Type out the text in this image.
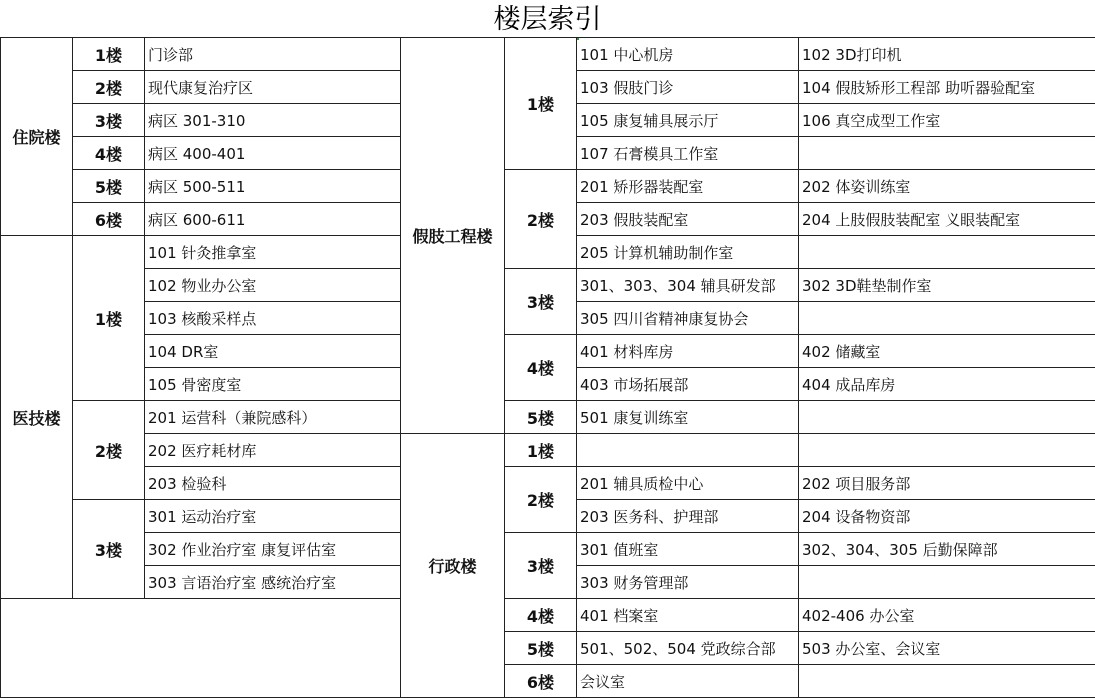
楼层索引
住院楼	1楼	门诊部	假肢工程楼	1楼	101 中心机房	102 3D打印机
	2楼	现代康复治疗区			103 假肢门诊	104 假肢矫形工程部 助听器验配室
	3楼	病区 301-310			105 康复辅具展示厅	106 真空成型工作室
	4楼	病区 400-401			107 石膏模具工作室	
	5楼	病区 500-511		2楼	201 矫形器装配室	202 体姿训练室
	6楼	病区 600-611			203 假肢装配室	204 上肢假肢装配室 义眼装配室
医技楼	1楼	101 针灸推拿室			205 计算机辅助制作室	
		102 物业办公室		3楼	301、303、304 辅具研发部	302 3D鞋垫制作室
		103 核酸采样点			305 四川省精神康复协会	
		104 DR室		4楼	401 材料库房	402 储藏室
		105 骨密度室			403 市场拓展部	404 成品库房
	2楼	201 运营科（兼院感科）		5楼	501 康复训练室	
		202 医疗耗材库	行政楼	1楼		
		203 检验科		2楼	201 辅具质检中心	202 项目服务部
	3楼	301 运动治疗室			203 医务科、护理部	204 设备物资部
		302 作业治疗室 康复评估室		3楼	301 值班室	302、304、305 后勤保障部
		303 言语治疗室 感统治疗室			303 财务管理部	
				4楼	401 档案室	402-406 办公室
				5楼	501、502、504 党政综合部	503 办公室、会议室
				6楼	会议室	
